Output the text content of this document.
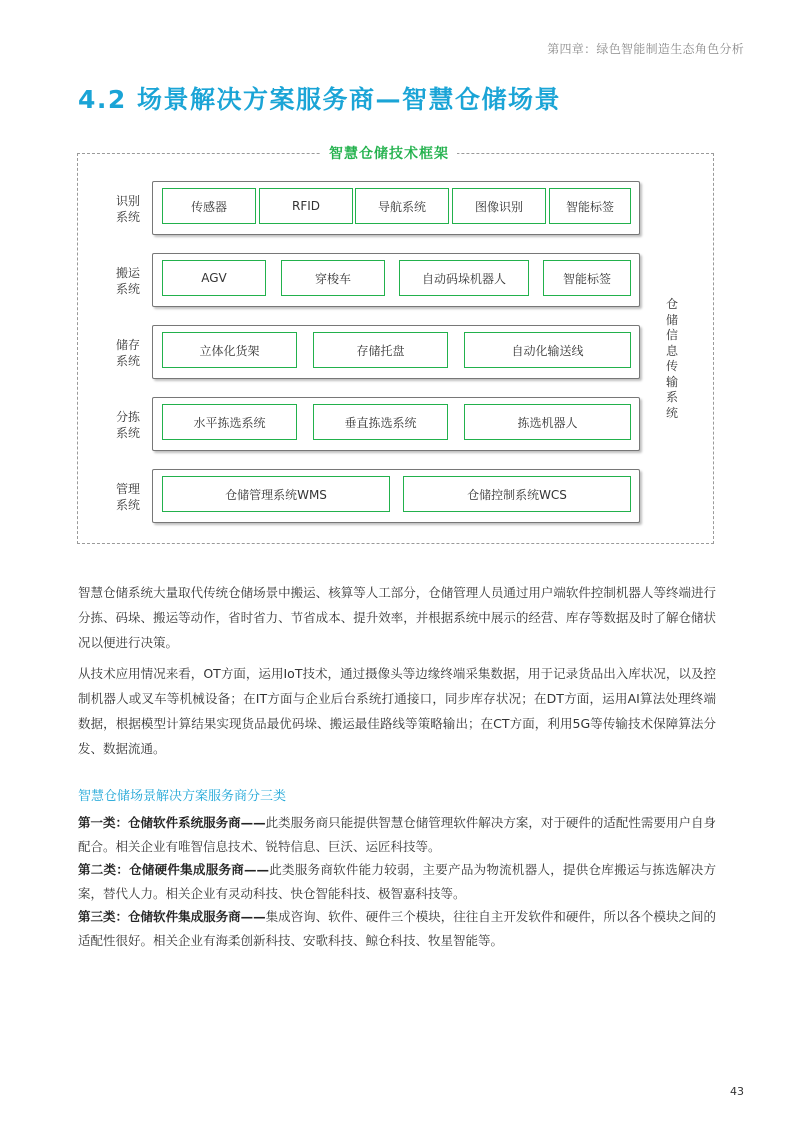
第四章：绿色智能制造生态角色分析
4.2 场景解决方案服务商—智慧仓储场景
智慧仓储技术框架
识别系统
传感器	RFID	导航系统	图像识别	智能标签
搬运系统
AGV	穿梭车	自动码垛机器人	智能标签
储存系统
立体化货架	存储托盘	自动化输送线
分拣系统
水平拣选系统	垂直拣选系统	拣选机器人
管理系统
仓储管理系统WMS	仓储控制系统WCS
仓储信息传输系统

智慧仓储系统大量取代传统仓储场景中搬运、核算等人工部分，仓储管理人员通过用户端软件控制机器人等终端进行分拣、码垛、搬运等动作，省时省力、节省成本、提升效率，并根据系统中展示的经营、库存等数据及时了解仓储状况以便进行决策。

从技术应用情况来看，OT方面，运用IoT技术，通过摄像头等边缘终端采集数据，用于记录货品出入库状况，以及控制机器人或叉车等机械设备；在IT方面与企业后台系统打通接口，同步库存状况；在DT方面，运用AI算法处理终端数据，根据模型计算结果实现货品最优码垛、搬运最佳路线等策略输出；在CT方面，利用5G等传输技术保障算法分发、数据流通。

智慧仓储场景解决方案服务商分三类

第一类：仓储软件系统服务商——此类服务商只能提供智慧仓储管理软件解决方案，对于硬件的适配性需要用户自身配合。相关企业有唯智信息技术、锐特信息、巨沃、运匠科技等。

第二类：仓储硬件集成服务商——此类服务商软件能力较弱，主要产品为物流机器人，提供仓库搬运与拣选解决方案，替代人力。相关企业有灵动科技、快仓智能科技、极智嘉科技等。

第三类：仓储软件集成服务商——集成咨询、软件、硬件三个模块，往往自主开发软件和硬件，所以各个模块之间的适配性很好。相关企业有海柔创新科技、安歌科技、鲸仓科技、牧星智能等。

43
